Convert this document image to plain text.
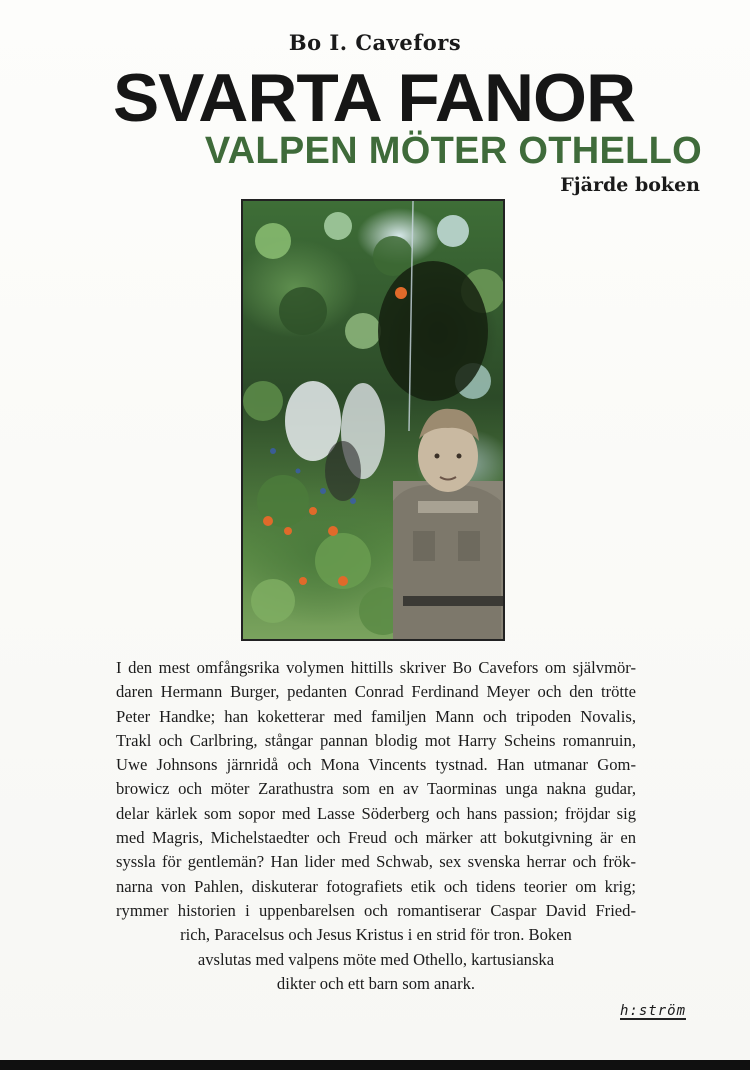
Bo I. Cavefors
SVARTA FANOR
VALPEN MÖTER OTHELLO
Fjärde boken
I den mest omfångsrika volymen hittills skriver Bo Cavefors om självmör-
daren Hermann Burger, pedanten Conrad Ferdinand Meyer och den trötte
Peter Handke; han koketterar med familjen Mann och tripoden Novalis,
Trakl och Carlbring, stångar pannan blodig mot Harry Scheins romanruin,
Uwe Johnsons järnridå och Mona Vincents tystnad. Han utmanar Gom-
browicz och möter Zarathustra som en av Taorminas unga nakna gudar,
delar kärlek som sopor med Lasse Söderberg och hans passion; fröjdar sig
med Magris, Michelstaedter och Freud och märker att bokutgivning är en
syssla för gentlemän? Han lider med Schwab, sex svenska herrar och frök-
narna von Pahlen, diskuterar fotografiets etik och tidens teorier om krig;
rymmer historien i uppenbarelsen och romantiserar Caspar David Fried-
rich, Paracelsus och Jesus Kristus i en strid för tron. Boken
avslutas med valpens möte med Othello, kartusianska
dikter och ett barn som anark.
h:ström
